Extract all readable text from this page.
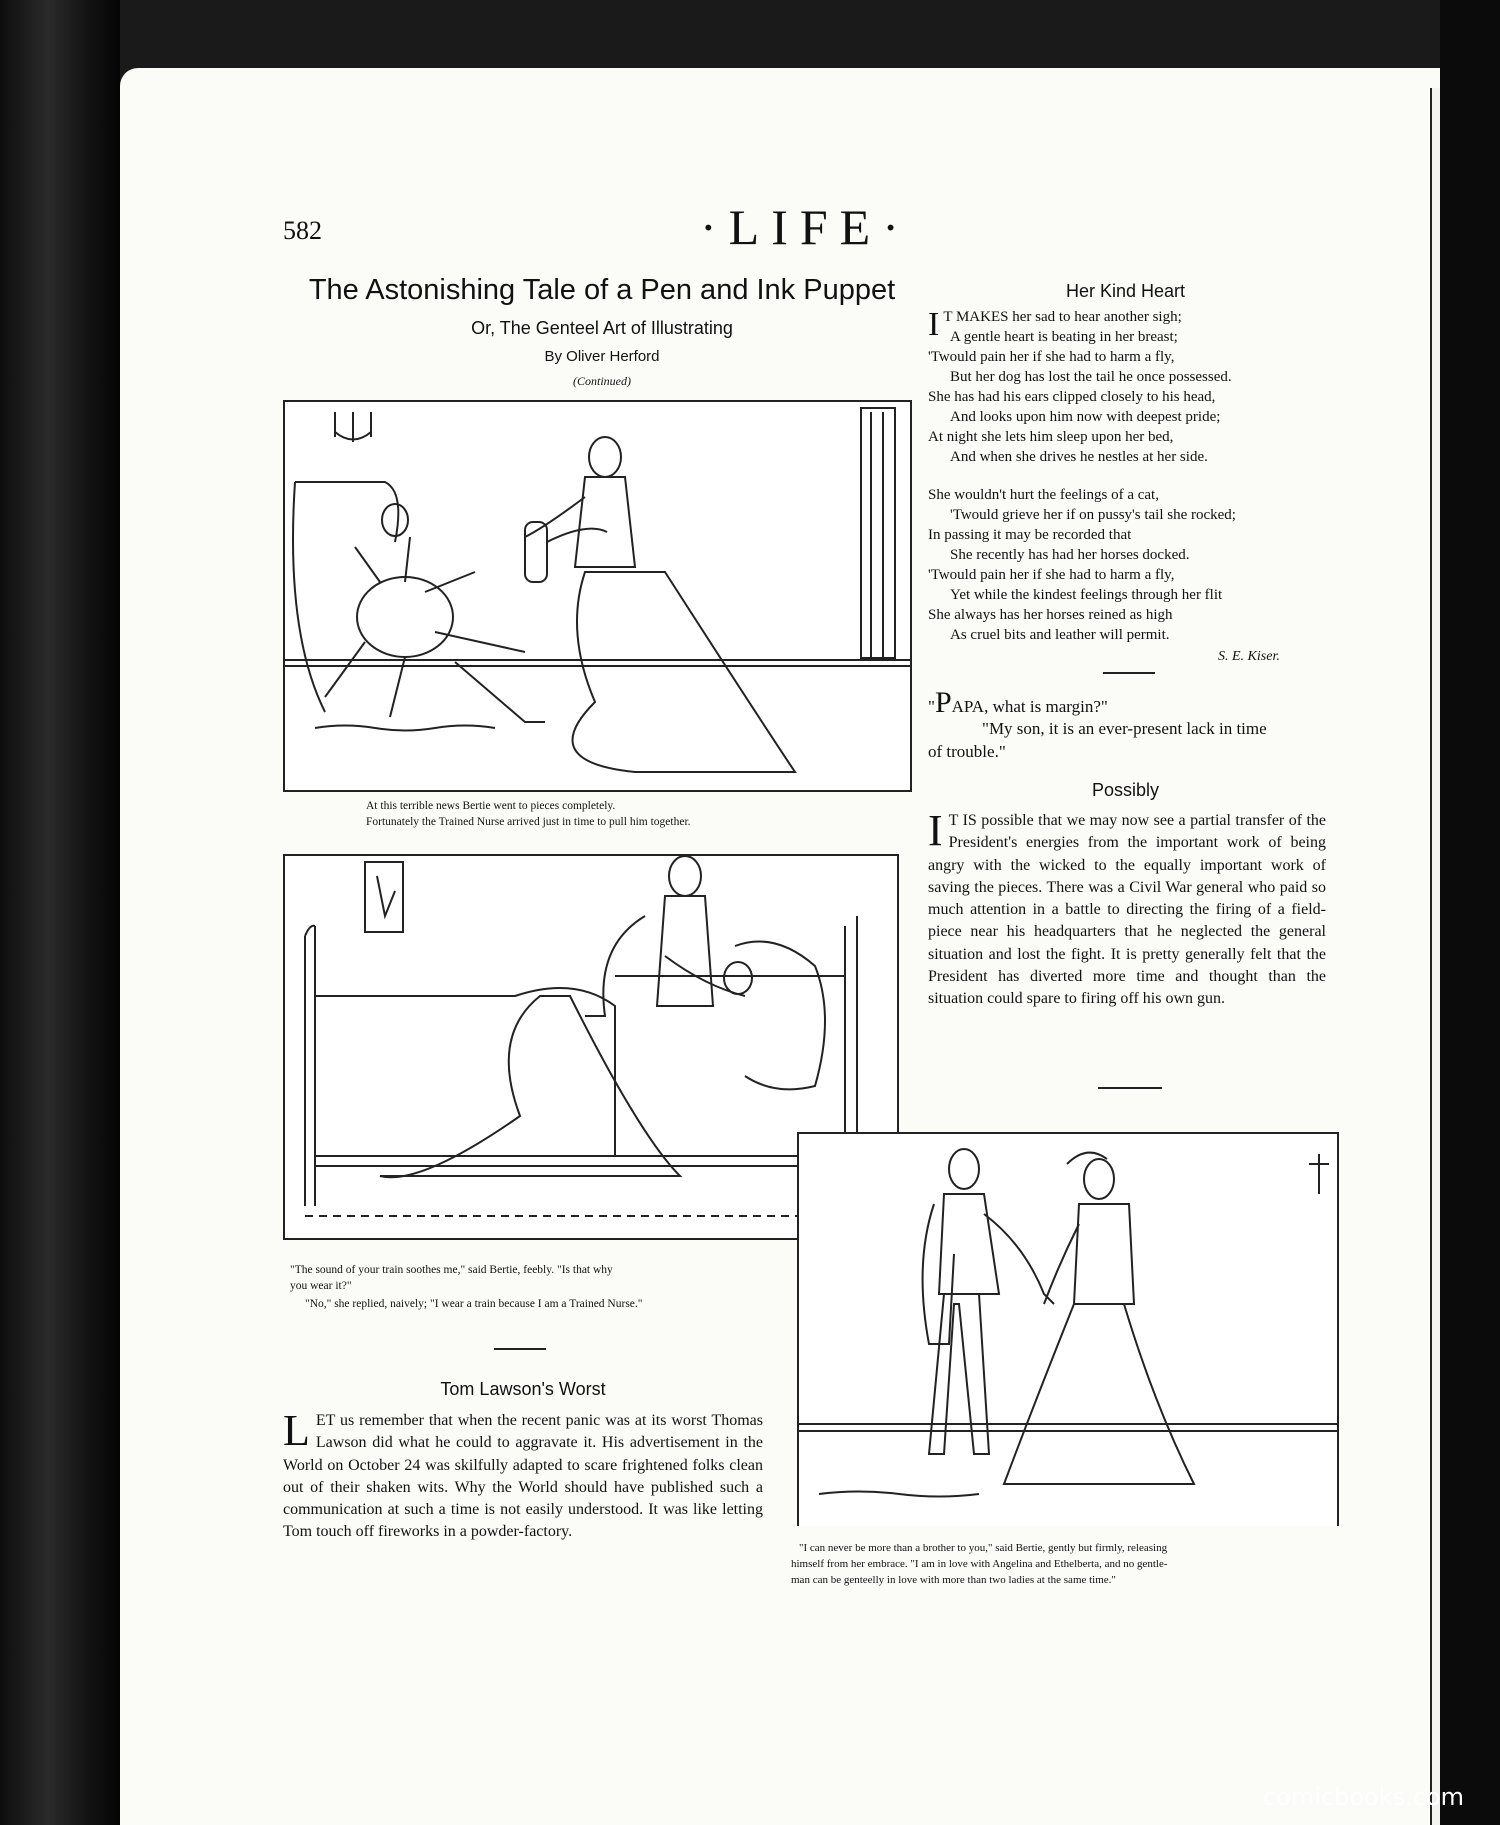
582	·LIFE·
The Astonishing Tale of a Pen and Ink Puppet
Or, The Genteel Art of Illustrating
By Oliver Herford
(Continued)
At this terrible news Bertie went to pieces completely.
Fortunately the Trained Nurse arrived just in time to pull him together.
"The sound of your train soothes me," said Bertie, feebly. "Is that why
you wear it?"
"No," she replied, naively; "I wear a train because I am a Trained Nurse."
Tom Lawson's Worst
LET us remember that when the recent panic was at its worst Thomas Lawson did what he could to aggravate it. His advertisement in the World on October 24 was skilfully adapted to scare frightened folks clean out of their shaken wits. Why the World should have published such a communication at such a time is not easily understood. It was like letting Tom touch off fireworks in a powder-factory.
Her Kind Heart
I T MAKES her sad to hear another sigh;
A gentle heart is beating in her breast;
'Twould pain her if she had to harm a fly,
But her dog has lost the tail he once possessed.
She has had his ears clipped closely to his head,
And looks upon him now with deepest pride;
At night she lets him sleep upon her bed,
And when she drives he nestles at her side.
She wouldn't hurt the feelings of a cat,
'Twould grieve her if on pussy's tail she rocked;
In passing it may be recorded that
She recently has had her horses docked.
'Twould pain her if she had to harm a fly,
Yet while the kindest feelings through her flit
She always has her horses reined as high
As cruel bits and leather will permit.
S. E. Kiser.
"PAPA, what is margin?"
"My son, it is an ever-present lack in time
of trouble."
Possibly
I T IS possible that we may now see a partial transfer of the President's energies from the important work of being angry with the wicked to the equally important work of saving the pieces. There was a Civil War general who paid so much attention in a battle to directing the firing of a field-piece near his headquarters that he neglected the general situation and lost the fight. It is pretty generally felt that the President has diverted more time and thought than the situation could spare to firing off his own gun.
"I can never be more than a brother to you," said Bertie, gently but firmly, releasing
himself from her embrace. "I am in love with Angelina and Ethelberta, and no gentle-
man can be genteelly in love with more than two ladies at the same time."
comicbooks.com
